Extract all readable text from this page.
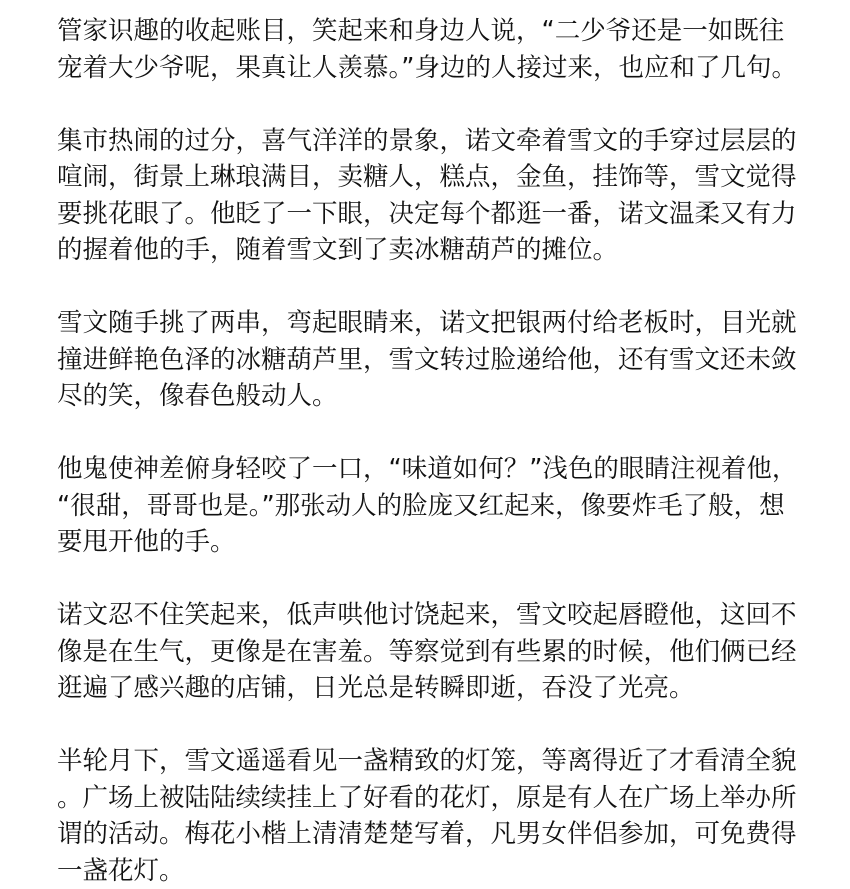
管家识趣的收起账目，笑起来和身边人说，“二少爷还是一如既往宠着大少爷呢，果真让人羡慕。”身边的人接过来，也应和了几句。

集市热闹的过分，喜气洋洋的景象，诺文牵着雪文的手穿过层层的喧闹，街景上琳琅满目，卖糖人，糕点，金鱼，挂饰等，雪文觉得要挑花眼了。他眨了一下眼，决定每个都逛一番，诺文温柔又有力的握着他的手，随着雪文到了卖冰糖葫芦的摊位。

雪文随手挑了两串，弯起眼睛来，诺文把银两付给老板时，目光就撞进鲜艳色泽的冰糖葫芦里，雪文转过脸递给他，还有雪文还未敛尽的笑，像春色般动人。

他鬼使神差俯身轻咬了一口，“味道如何？”浅色的眼睛注视着他，“很甜，哥哥也是。”那张动人的脸庞又红起来，像要炸毛了般，想要甩开他的手。

诺文忍不住笑起来，低声哄他讨饶起来，雪文咬起唇瞪他，这回不像是在生气，更像是在害羞。等察觉到有些累的时候，他们俩已经逛遍了感兴趣的店铺，日光总是转瞬即逝，吞没了光亮。

半轮月下，雪文遥遥看见一盏精致的灯笼，等离得近了才看清全貌。广场上被陆陆续续挂上了好看的花灯，原是有人在广场上举办所谓的活动。梅花小楷上清清楚楚写着，凡男女伴侣参加，可免费得一盏花灯。
